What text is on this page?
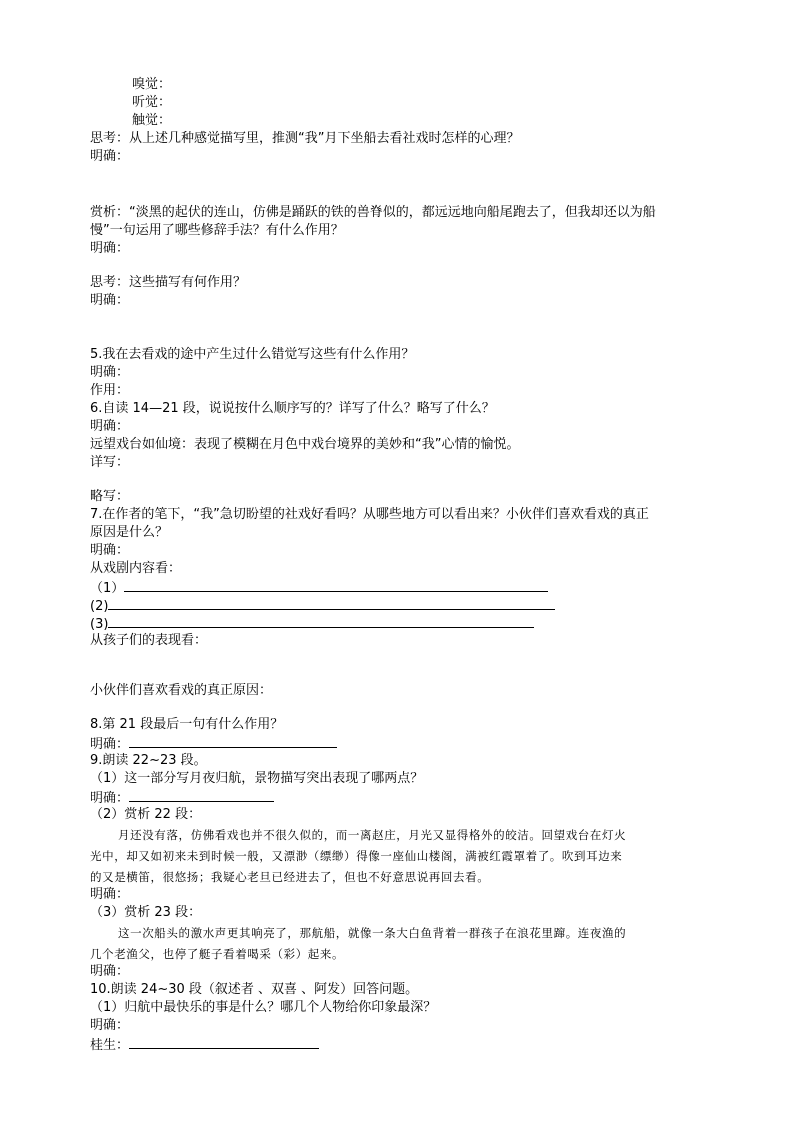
嗅觉：
听觉：
触觉：
思考：从上述几种感觉描写里，推测“我”月下坐船去看社戏时怎样的心理？
明确：
赏析：“淡黑的起伏的连山，仿佛是踊跃的铁的兽脊似的，都远远地向船尾跑去了，但我却还以为船
慢”一句运用了哪些修辞手法？有什么作用？
明确：
思考：这些描写有何作用？
明确：
5.我在去看戏的途中产生过什么错觉写这些有什么作用？
明确：
作用：
6.自读 14—21 段，说说按什么顺序写的？详写了什么？略写了什么？
明确：
远望戏台如仙境：表现了模糊在月色中戏台境界的美妙和“我”心情的愉悦。
详写：
略写：
7.在作者的笔下，“我”急切盼望的社戏好看吗？从哪些地方可以看出来？小伙伴们喜欢看戏的真正
原因是什么？
明确：
从戏剧内容看：
（1）
(2)
(3)
从孩子们的表现看：
小伙伴们喜欢看戏的真正原因：
8.第 21 段最后一句有什么作用？
明确：
9.朗读 22~23 段。
（1）这一部分写月夜归航，景物描写突出表现了哪两点？
明确：
（2）赏析 22 段：
月还没有落，仿佛看戏也并不很久似的，而一离赵庄，月光又显得格外的皎洁。回望戏台在灯火
光中，却又如初来未到时候一般，又漂渺（缥缈）得像一座仙山楼阁，满被红霞罩着了。吹到耳边来
的又是横笛，很悠扬；我疑心老旦已经进去了，但也不好意思说再回去看。
明确：
（3）赏析 23 段：
这一次船头的激水声更其响亮了，那航船，就像一条大白鱼背着一群孩子在浪花里蹿。连夜渔的
几个老渔父，也停了艇子看着喝采（彩）起来。
明确：
10.朗读 24~30 段（叙述者 、双喜 、阿发）回答问题。
（1）归航中最快乐的事是什么？哪几个人物给你印象最深？
明确：
桂生：
